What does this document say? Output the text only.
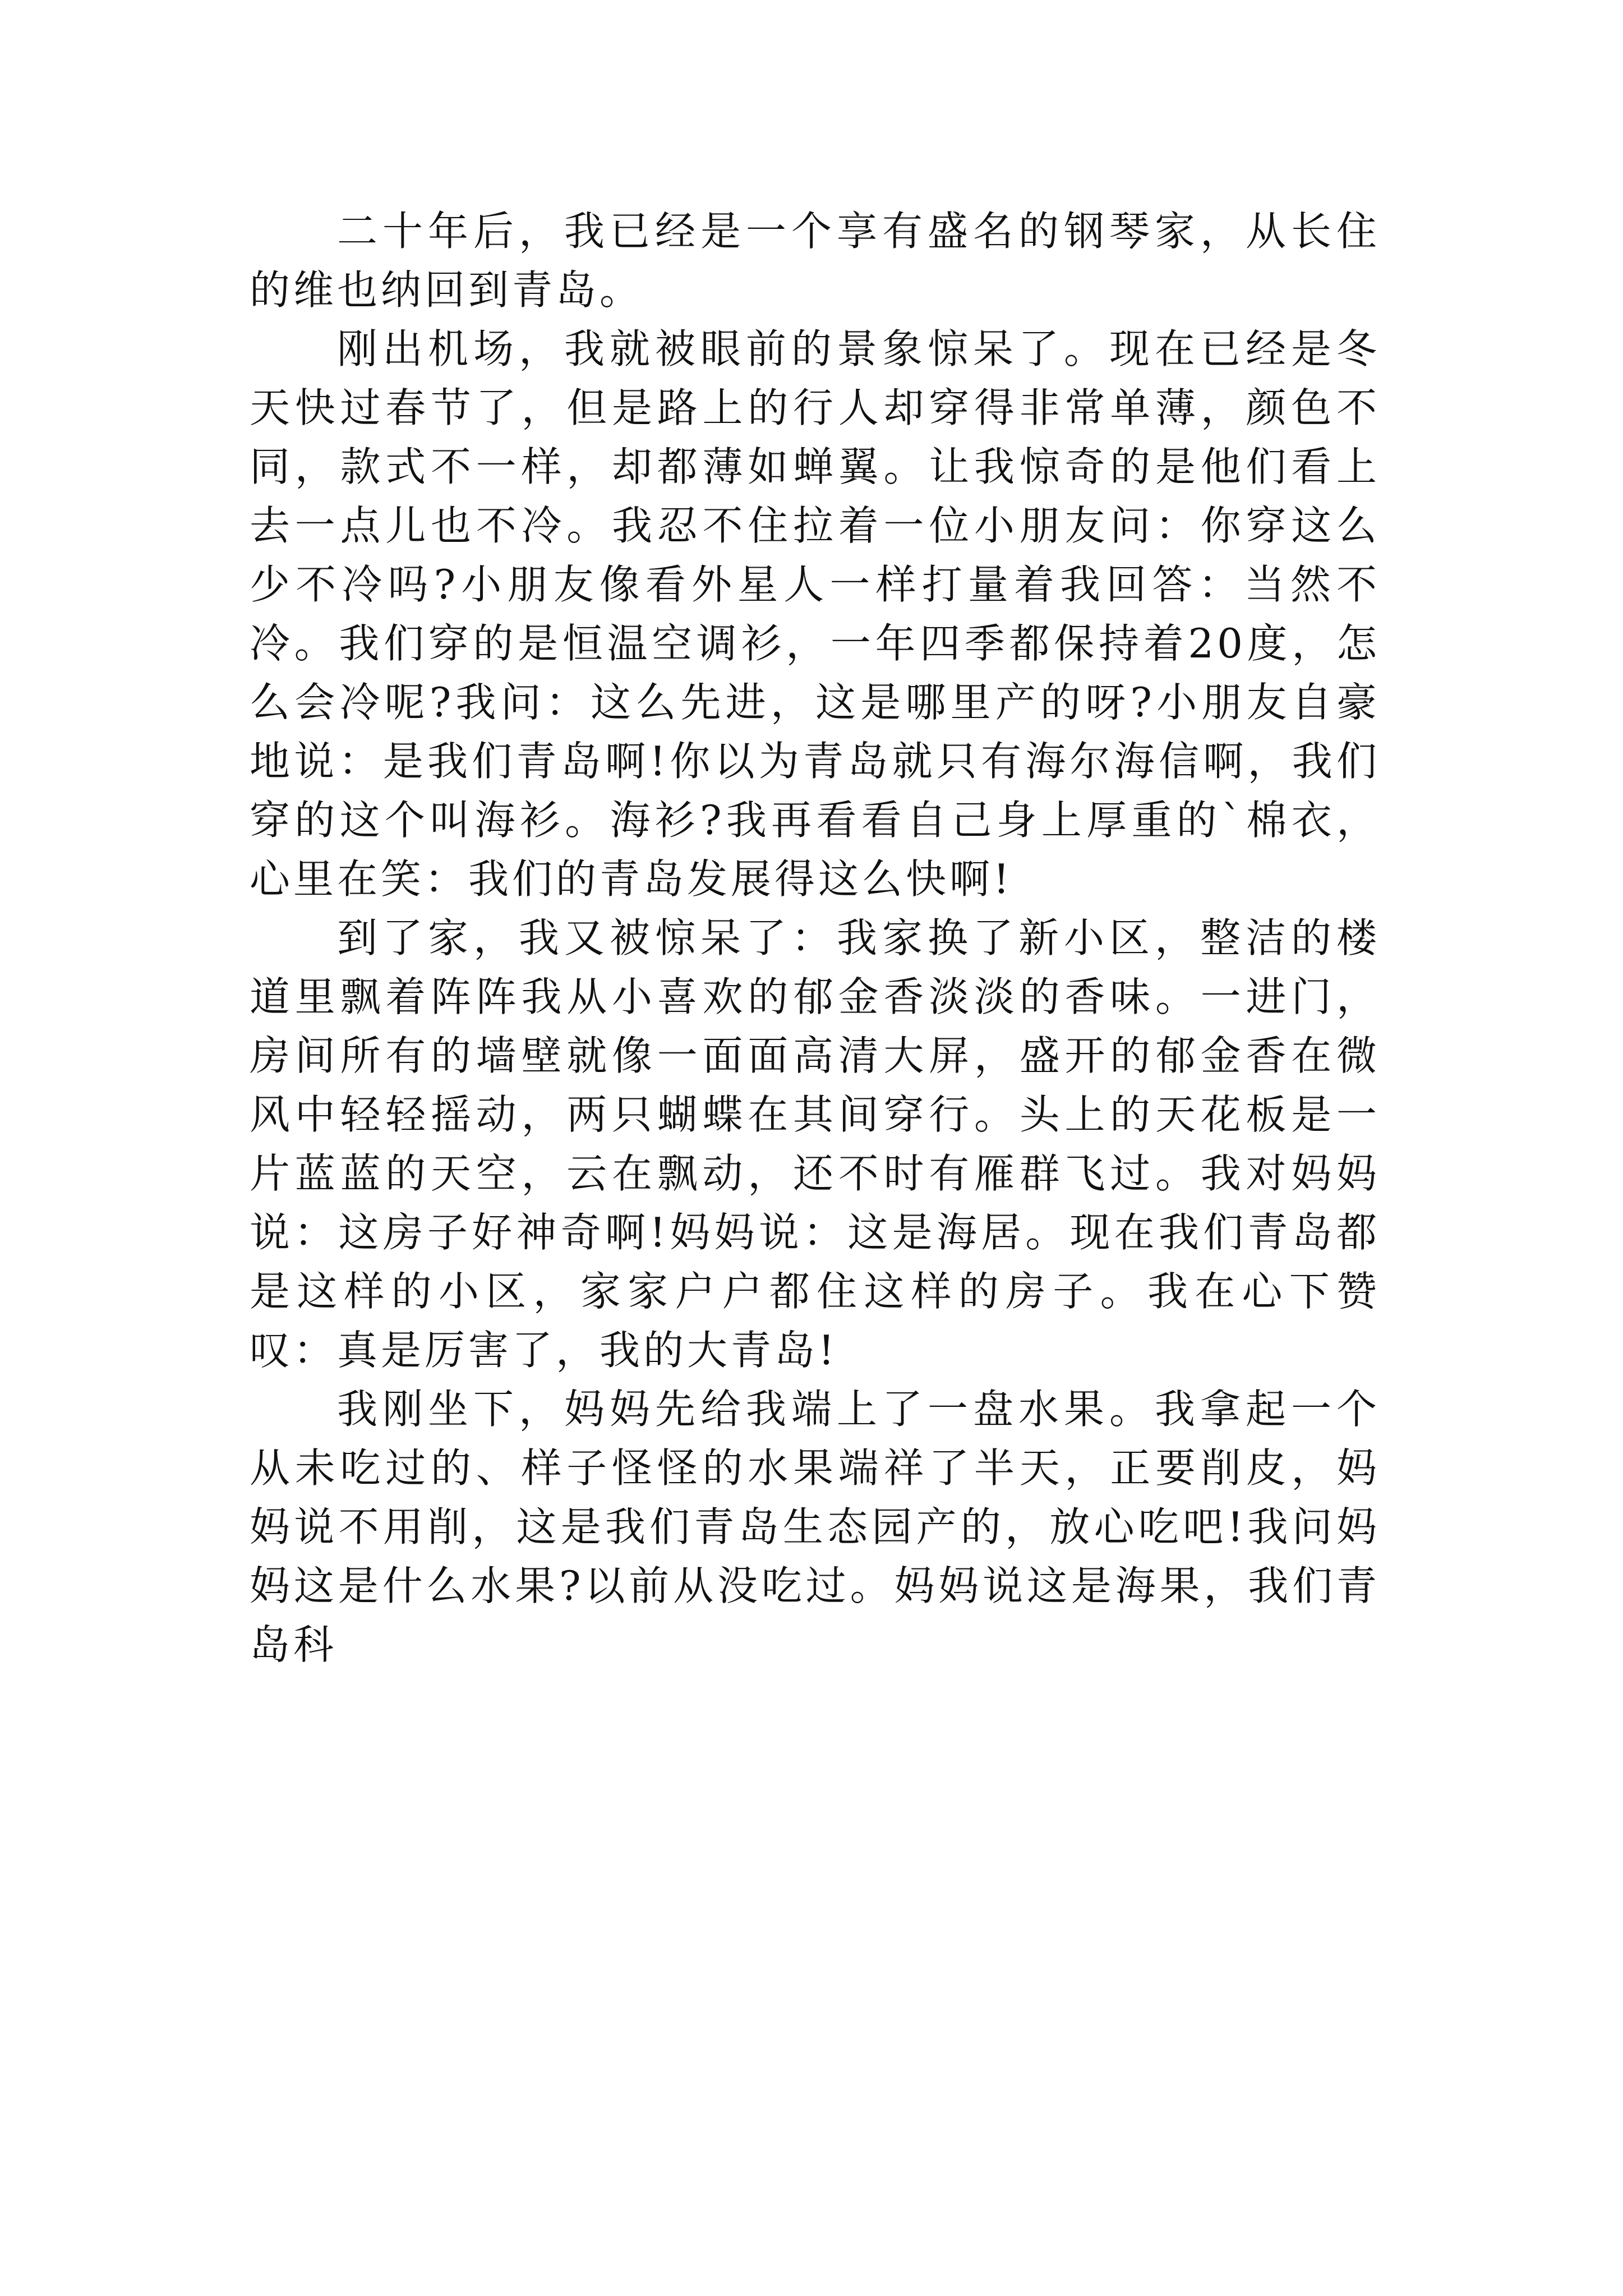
二十年后，我已经是一个享有盛名的钢琴家，从长住的维也纳回到青岛。

刚出机场，我就被眼前的景象惊呆了。现在已经是冬天快过春节了，但是路上的行人却穿得非常单薄，颜色不同，款式不一样，却都薄如蝉翼。让我惊奇的是他们看上去一点儿也不冷。我忍不住拉着一位小朋友问：你穿这么少不冷吗?小朋友像看外星人一样打量着我回答：当然不冷。我们穿的是恒温空调衫，一年四季都保持着20度，怎么会冷呢?我问：这么先进，这是哪里产的呀?小朋友自豪地说：是我们青岛啊!你以为青岛就只有海尔海信啊，我们穿的这个叫海衫。海衫?我再看看自己身上厚重的`棉衣，心里在笑：我们的青岛发展得这么快啊!

到了家，我又被惊呆了：我家换了新小区，整洁的楼道里飘着阵阵我从小喜欢的郁金香淡淡的香味。一进门，房间所有的墙壁就像一面面高清大屏，盛开的郁金香在微风中轻轻摇动，两只蝴蝶在其间穿行。头上的天花板是一片蓝蓝的天空，云在飘动，还不时有雁群飞过。我对妈妈说：这房子好神奇啊!妈妈说：这是海居。现在我们青岛都是这样的小区，家家户户都住这样的房子。我在心下赞叹：真是厉害了，我的大青岛!

我刚坐下，妈妈先给我端上了一盘水果。我拿起一个从未吃过的、样子怪怪的水果端祥了半天，正要削皮，妈妈说不用削，这是我们青岛生态园产的，放心吃吧!我问妈妈这是什么水果?以前从没吃过。妈妈说这是海果，我们青岛科
